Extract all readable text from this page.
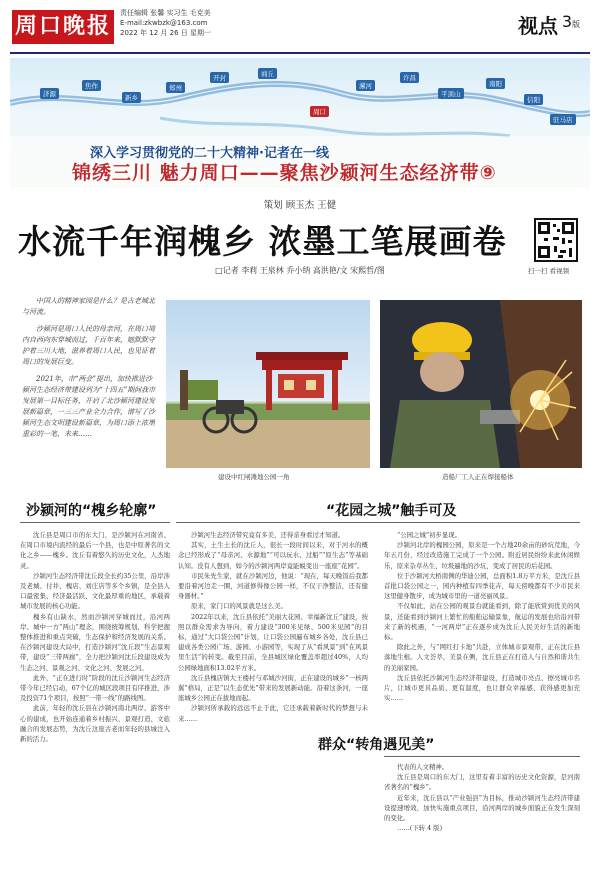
周口晚报
责任编辑 张馨 实习生 毛克美
E-mail:zkwbzk@163.com
2022 年 12 月 26 日 星期一	视点 3版
济源
焦作
新乡
郑州
开封	商丘
周口
漯河
许昌
平顶山
南阳
信阳
驻马店
深入学习贯彻党的二十大精神·记者在一线
锦绣三川 魅力周口——聚焦沙颍河生态经济带⑨
策划 顾玉杰 王健
水流千年润槐乡 浓墨工笔展画卷
□记者 李莉 王泉林 乔小纳 高洪艳/文 宋熙哲/图	扫一扫 看视频

中国人的精神家园是什么？是古老城北与河流。

沙颍河是周口人民的母亲河，在周口境内自西向东穿城而过，千百年来，她默默守护着三川大地，滋养着周口人民，也见证着周口的发展巨变。

2021年，市“两会”提出，加快推进沙颍河生态经济带建设列为“十四五”期间我市发展第一目标任务，开启了北沙颍河建设发展新篇章，一三三产业全力合作，谱写了沙颍河生态文明建设新篇章，为周口添上浓墨重彩的一笔，未来……

建设中红闸滩地公园一角	造船厂工人正在焊接船体
沙颍河的“槐乡轮廓”	“花园之城”触手可及

沈丘县是周口市的东大门，是沙颍河在河南省、在周口市境内流经的最后一个县，也是中原著名的文化之乡——槐乡。沈丘有着悠久的历史文化，人杰地灵。

沙颍河生态经济带沈丘段全长约35公里，沿岸涉及老城、付井、槐店、刘庄店等多个乡镇，是全县人口最密集、经济最活跃、文化最厚重的地区，承载着城市发展的核心功能。

槐乡有山缺水，然而沙颍河穿城而过，沿河两岸、城中一方“两山”理念，围绕统筹规划，科学把握整体推进和重点突破，生态保护和经济发展的关系。在沙颍河建设大局中，打造沙颍河“沈丘段”生态景观带，建设“三带两廊”，全力把沙颍河沈丘段建设成为生态之河、景观之河、文化之河、发展之河。

此外，“正在进行时”阶段的沈丘沙颍河生态经济带今年已经启动，67个亿的城区段项目有序推进，涉及投资71个项目，按照“一带一线”的路线图。

此前，年轻的沈丘县在沙颍河南北两岸、游客中心的建成，也开始连通着乡村振兴、景观打造、文旅融合的发展态势，为沈丘这座古老而年轻的县城注入新的活力。

沙颍河生态经济带究竟有多美，还得亲身看过才知道。

其实，土生土长的沈丘人，很长一段时间以来，对于河水的概念已经形成了“母亲河、水源地”“可以玩水、过船”“原生态”等基础认知。没有人想到，如今的沙颍河两岸竟能蜕变出一座座“花园”。

市民朱先生家，就在沙颍河边，他说：“现在，每天晚饭后我都要沿着河边走一圈，河道修得像公园一样，不仅干净整洁，还有健身器材。”

原来，家门口的风景就是这么美。

2022年以来，沈丘县依托“美丽大花园、幸福新沈丘”建设，按照以群众需求为导向，着力建设“300米见绿、500米见园”的目标，通过“大口袋公园”计划，让口袋公园遍布城乡各处，沈丘县已建成各类公园广场、游园、小游园等，实现了从“看风景”到“在风景里生活”的转变。截至目前，全县城区绿化覆盖率超过40%，人均公园绿地面积13.02平方米。

沈丘县槐店镇大王楼村与邓城沙河街，正在建设的城乡“一核两翼”格局，正是“以生态优先”带来的发展新动能。沿着这条河，一座座城乡公园正在拔地而起。

沙颍河所承载的远远不止于此，它还承载着新时代的梦想与未来……

“公园之城”初步显现。

沙颍河北岸的槐园公园，原来是一个占地20余亩的砂坑荒地，今年五月份，经过改造施工完成了一个公园。附近居民纷纷来此休闲娱乐，原来杂草丛生、垃圾遍地的沙坑，变成了居民的后花园。

位于沙颍河大桥南侧的华迪公园，总面积1.8万平方米，是沈丘县首批口袋公园之一，园内种植有四季花卉，每天傍晚都有不少市民来这里健身散步，成为城市里的一道亮丽风景。

不仅如此，站在公园的观景台就能看到，除了能欣赏到优美的风景，还能看到沙颍河上繁忙的船舶运输景象，航运的发展也给沿河带来了新的机遇，“一河两岸”正在逐步成为沈丘人民美好生活的新地标。

除此之外，与“网红打卡地”共赴，立体城市景观带，正在沈丘县落地生根。人文荟萃，美景在侧，沈丘县正在打造人与自然和谐共生的美丽家园。

沈丘县依托沙颍河生态经济带建设，打造城市亮点、擦亮城市名片，让城市更具品质、更有温度，也让群众幸福感、获得感更加充实……

群众“转角遇见美”

代表的人文精神。

沈丘县是周口的东大门，这里有着丰富的历史文化资源，是河南省著名的“槐乡”。

近年来，沈丘县以“产业强县”为目标，推动沙颍河生态经济带建设提速增效，加快实施重点项目，沿河两岸的城乡面貌正在发生深刻的变化。

……(下转 4 版)
